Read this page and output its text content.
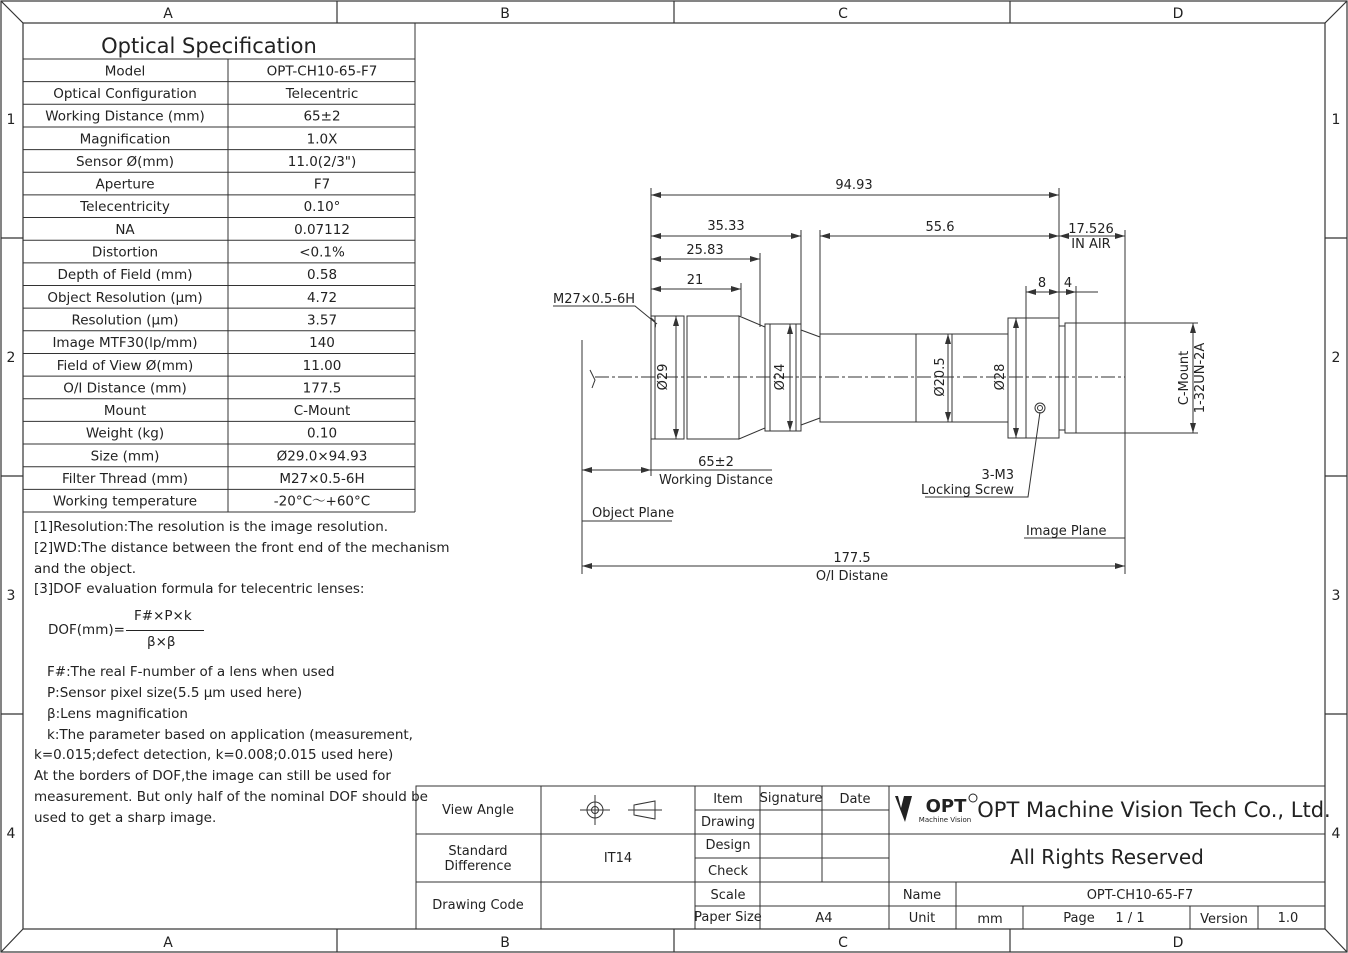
A	B	C	D
A	B	C	D
1
2
3
4
1
2
3
4
Optical Specification
Model	OPT-CH10-65-F7
Optical Configuration	Telecentric
Working Distance (mm)	65±2
Magnification	1.0X
Sensor Ø(mm)	11.0(2/3")
Aperture	F7
Telecentricity	0.10°
NA	0.07112
Distortion	<0.1%
Depth of Field (mm)	0.58
Object Resolution (µm)	4.72
Resolution (µm)	3.57
Image MTF30(lp/mm)	140
Field of View Ø(mm)	11.00
O/I Distance (mm)	177.5
Mount	C-Mount
Weight (kg)	0.10
Size (mm)	Ø29.0×94.93
Filter Thread (mm)	M27×0.5-6H
Working temperature	-20°C～+60°C
94.93
35.33
25.83
21
55.6	17.526
IN AIR
8 4
M27×0.5-6H
Ø29	Ø24	Ø20.5	Ø28	C-Mount 1-32UN-2A
65±2
Working Distance	3-M3
Locking Screw
Object Plane
Image Plane
177.5
O/I Distane
View Angle
Standard
Difference
IT14
Drawing Code
Item Signature Date
Drawing
Design
Check
Scale
Paper Size	A4
OPT
Machine Vision OPT Machine Vision Tech Co., Ltd.
All Rights Reserved
Name	OPT-CH10-65-F7
Unit	mm	Page 1 / 1	Version 1.0
[1]Resolution:The resolution is the image resolution.
[2]WD:The distance between the front end of the mechanism
and the object.
[3]DOF evaluation formula for telecentric lenses:
DOF(mm)=
F#×P×k
β×β
F#:The real F-number of a lens when used
P:Sensor pixel size(5.5 µm used here)
β:Lens magnification
k:The parameter based on application (measurement,
k=0.015;defect detection, k=0.008;0.015 used here)
At the borders of DOF,the image can still be used for
measurement. But only half of the nominal DOF should be
used to get a sharp image.
